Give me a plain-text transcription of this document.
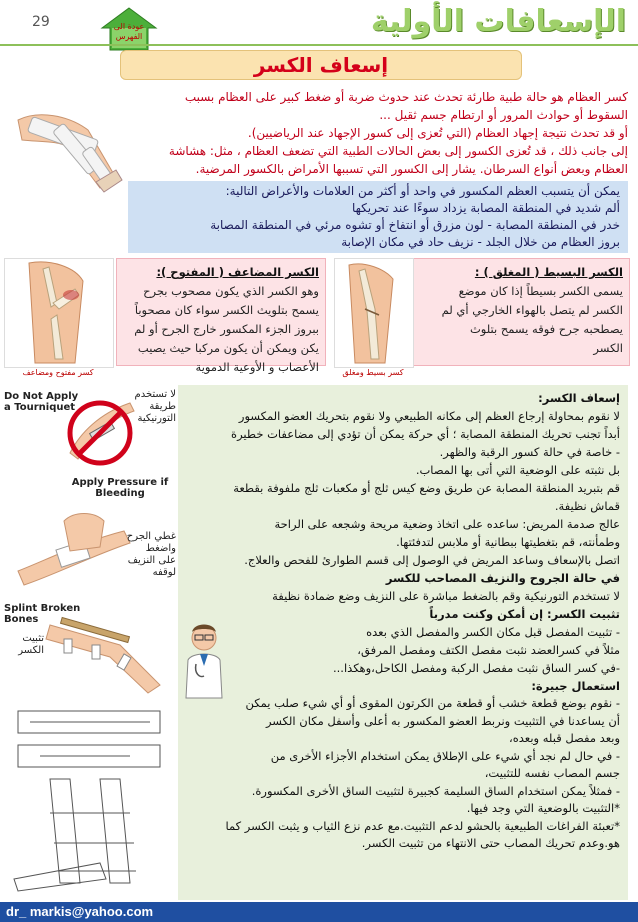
29	عودة الى الفهرس	الإسعافات الأولية
إسعاف الكسر

كسر العظام هو حالة طبية طارئة تحدث عند حدوث ضربة أو ضغط كبير على العظام بسبب

السقوط أو حوادث المرور أو ارتطام جسم ثقيل ...

أو قد تحدث نتيجة إجهاد العظام (التي تُعزى إلى كسور الإجهاد عند الرياضيين).

إلى جانب ذلك ، قد تُعزى الكسور إلى بعض الحالات الطبية التي تضعف العظام ، مثل: هشاشة

العظام وبعض أنواع السرطان. يشار إلى الكسور التي تسببها الأمراض بالكسور المرضية.

يمكن أن يتسبب العظم المكسور في واحد أو أكثر من العلامات والأعراض التالية:

ألم شديد في المنطقة المصابة يزداد سوءًا عند تحريكها

خدر في المنطقة المصابة - لون مزرق أو انتفاخ أو تشوه مرئي في المنطقة المصابة

بروز العظام من خلال الجلد - نزيف حاد في مكان الإصابة

الكسر البسيط ( المغلق ) :

يسمى الكسر بسيطاً إذا كان موضع

الكسر لم يتصل بالهواء الخارجي أي لم

يصطحبه جرح فوقه يسمح بتلوث

الكسر

كسر بسيط ومغلق
الكسر المضاعف ( المفتوح ):

وهو الكسر الذي يكون مصحوب بجرح

يسمح بتلويث الكسر سواء كان مصحوباً

ببروز الجزء المكسور خارج الجرح أو لم

يكن ويمكن أن يكون مركبا حيث يصيب

الأعصاب و الأوعية الدموية

كسر مفتوح ومضاعف
Do Not Apply a Tourniquet
لا تستخدم طريقة التورنيكية
Apply Pressure if Bleeding
غطي الجرح واضغط على النزيف لوقفه
Splint Broken Bones
تثبيت الكسر

إسعاف الكسر:

لا نقوم بمحاولة إرجاع العظم إلى مكانه الطبيعي ولا نقوم بتحريك العضو المكسور

أبداً تجنب تحريك المنطقة المصابة ؛ أي حركة يمكن أن تؤدي إلى مضاعفات خطيرة

- خاصة في حالة كسور الرقبة والظهر.

بل نثبته على الوضعية التي أتى بها المصاب.

قم بتبريد المنطقة المصابة عن طريق وضع كيس ثلج أو مكعبات ثلج ملفوفة بقطعة

قماش نظيفة.

عالج صدمة المريض: ساعده على اتخاذ وضعية مريحة وشجعه على الراحة

وطمأنته، قم بتغطيتها ببطانية أو ملابس لتدفئتها.

اتصل بالإسعاف وساعد المريض في الوصول إلى قسم الطوارئ للفحص والعلاج.

في حالة الجروح والنزيف المصاحب للكسر

لا تستخدم التورنيكية وقم بالضغط مباشرة على النزيف وضع ضمادة نظيفة

تثبيت الكسر: إن أمكن وكنت مدرباً

- تثبيت المفصل قبل مكان الكسر والمفصل الذي بعده

مثلاً في كسرالعضد نثبت مفصل الكتف ومفصل المرفق،

-في كسر الساق نثبت مفصل الركبة ومفصل الكاحل،وهكذا...

استعمال جبيرة:

- نقوم بوضع قطعة خشب أو قطعة من الكرتون المقوى أو أي شيء صلب يمكن

أن يساعدنا في التثبيت ونربط العضو المكسور به أعلى وأسفل مكان الكسر

وبعد مفصل قبله وبعده،

- في حال لم نجد أي شيء على الإطلاق يمكن استخدام الأجزاء الأخرى من

جسم المصاب نفسه للتثبيت،

- فمثلاً يمكن استخدام الساق السليمة كجبيرة لتثبيت الساق الأخرى المكسورة.

*التثبيت بالوضعية التي وجد فيها.

*تعبئة الفراغات الطبيعية بالحشو لدعم التثبيت.مع عدم نزع الثياب و يثبت الكسر كما

هو.وعدم تحريك المصاب حتى الانتهاء من تثبيت الكسر.

dr_ markis@yahoo.com
